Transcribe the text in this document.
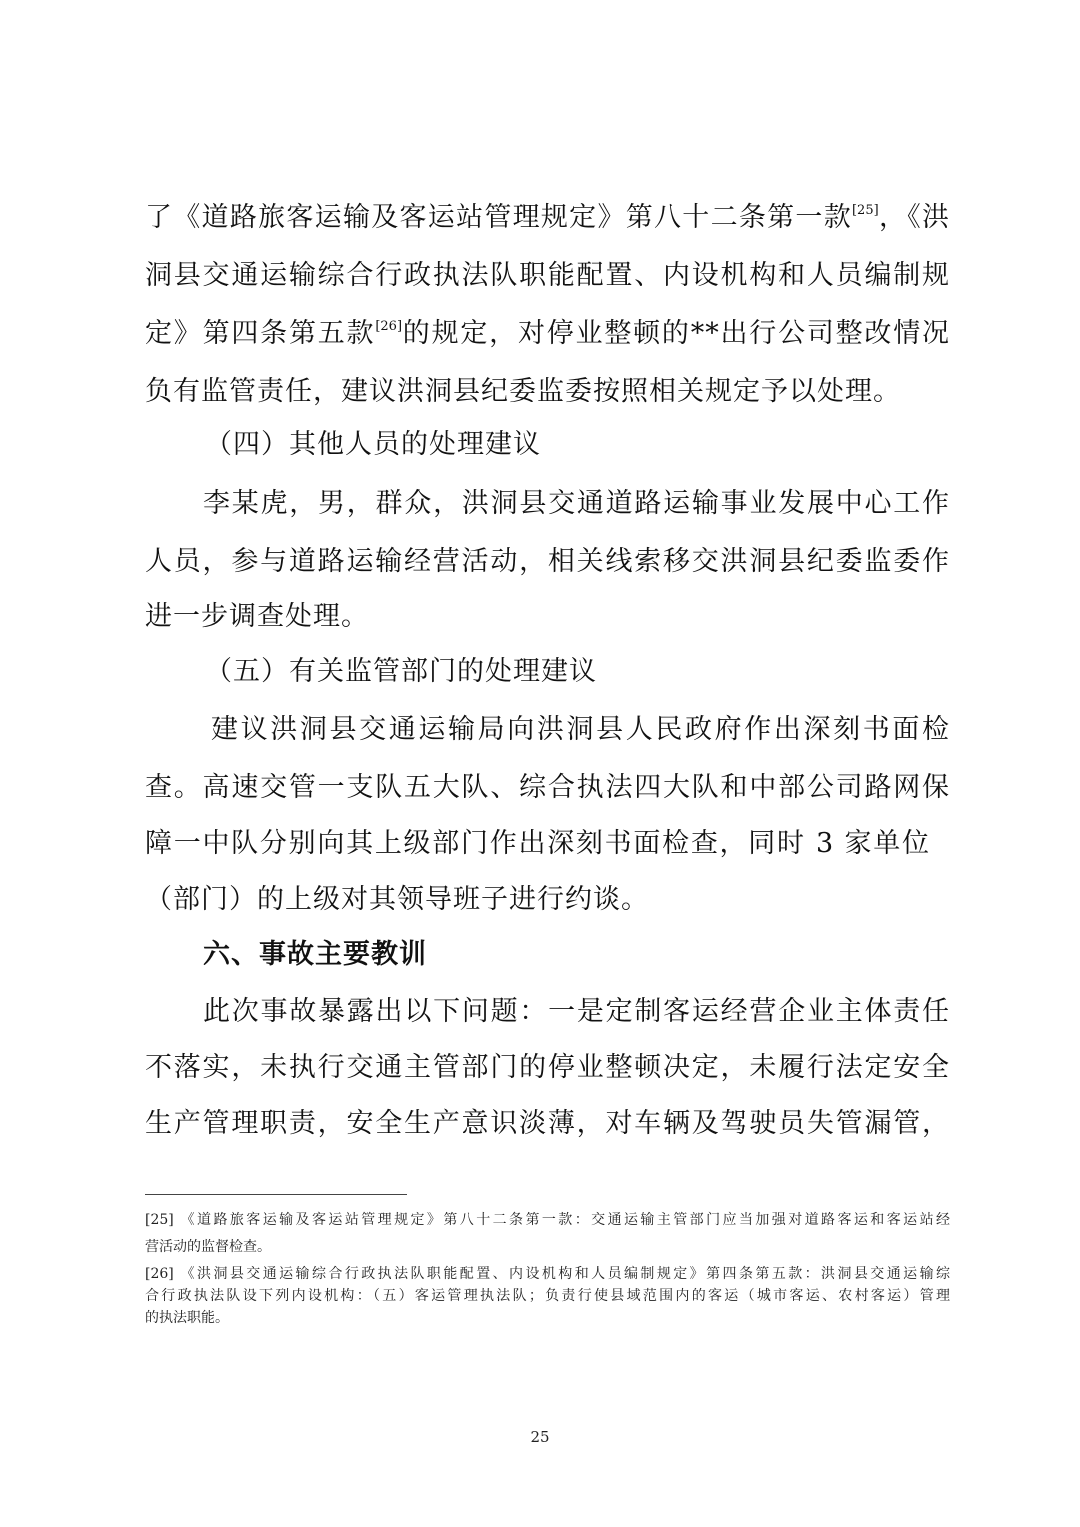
了《道路旅客运输及客运站管理规定》第八十二条第一款[25]，《洪
洞县交通运输综合行政执法队职能配置、内设机构和人员编制规
定》第四条第五款[26]的规定，对停业整顿的**出行公司整改情况
负有监管责任，建议洪洞县纪委监委按照相关规定予以处理。
（四）其他人员的处理建议
李某虎，男，群众，洪洞县交通道路运输事业发展中心工作
人员，参与道路运输经营活动，相关线索移交洪洞县纪委监委作
进一步调查处理。
（五）有关监管部门的处理建议
建议洪洞县交通运输局向洪洞县人民政府作出深刻书面检
查。高速交管一支队五大队、综合执法四大队和中部公司路网保
障一中队分别向其上级部门作出深刻书面检查，同时 3 家单位
（部门）的上级对其领导班子进行约谈。
六、事故主要教训
此次事故暴露出以下问题：一是定制客运经营企业主体责任
不落实，未执行交通主管部门的停业整顿决定，未履行法定安全
生产管理职责，安全生产意识淡薄，对车辆及驾驶员失管漏管，
[25] 《道路旅客运输及客运站管理规定》第八十二条第一款：交通运输主管部门应当加强对道路客运和客运站经
营活动的监督检查。
[26] 《洪洞县交通运输综合行政执法队职能配置、内设机构和人员编制规定》第四条第五款：洪洞县交通运输综
合行政执法队设下列内设机构：（五）客运管理执法队；负责行使县域范围内的客运（城市客运、农村客运）管理
的执法职能。
25
